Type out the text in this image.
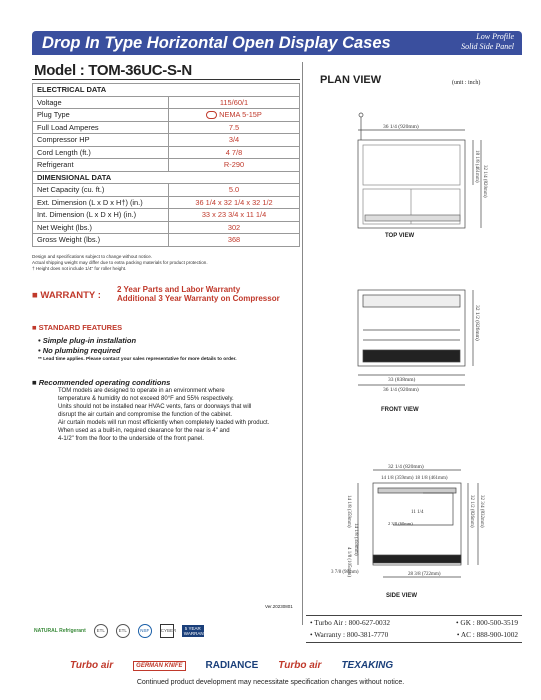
Drop In Type Horizontal Open Display Cases	Low Profile
Solid Side Panel
Model : TOM-36UC-S-N
ELECTRICAL DATA	
Voltage	115/60/1
Plug Type	NEMA 5-15P
Full Load Amperes	7.5
Compressor HP	3/4
Cord Length (ft.)	4 7/8
Refrigerant	R-290
DIMENSIONAL DATA	
Net Capacity (cu. ft.)	5.0
Ext. Dimension (L x D x H†) (in.)	36 1/4 x 32 1/4 x 32 1/2
Int. Dimension (L x D x H) (in.)	33 x 23 3/4 x 11 1/4
Net Weight (lbs.)	302
Gross Weight (lbs.)	368
Design and specifications subject to change without notice.
Actual shipping weight may differ due to extra packing materials for product protection.
† Height does not include 1/4" for roller height.
■ WARRANTY :
2 Year Parts and Labor Warranty
Additional 3 Year Warranty on Compressor
■ STANDARD FEATURES
• Simple plug-in installation
• No plumbing required
** Lead time applies. Please contact your sales representative for more details to order.
■ Recommended operating conditions
TOM models are designed to operate in an environment where
temperature & humidity do not exceed 80°F and 55% respectively.
Units should not be installed near HVAC vents, fans or doorways that will
disrupt the air curtain and compromise the function of the cabinet.
Air curtain models will run most efficiently when completely loaded with product.
When used as a built-in, required clearance for the rear is 4" and
4-1/2" from the floor to the underside of the front panel.
Ver.20230801
PLAN VIEW	(unit : inch)
36 1/4 (920mm)
18 1/8 (461mm) 32 1/4 (820mm)
32 1/2 (826mm)
33 (838mm)
36 1/4 (920mm)
32 1/4 (820mm)
14 1/8 (359mm) 18 1/8 (461mm)
11 1/4
2 3/8 (60mm)
14 1/8 (359mm)
14 1/8 (359mm)
4 1/8 (105mm)
3 7/8 (98mm)	28 3/8 (722mm)
32 1/2 (826mm) 32 3/4 (832mm)
TOP VIEW
FRONT VIEW
SIDE VIEW
• Turbo Air : 800-627-0032	• GK : 800-500-3519
• Warranty : 800-381-7770	• AC : 888-900-1002
NATURAL Refrigerant	ETL	ETL	NSF	CYBER	5 YEAR WARRANTY
Turbo air	GERMAN KNIFE	RADIANCE Turbo air TEXAKING
Continued product development may necessitate specification changes without notice.
